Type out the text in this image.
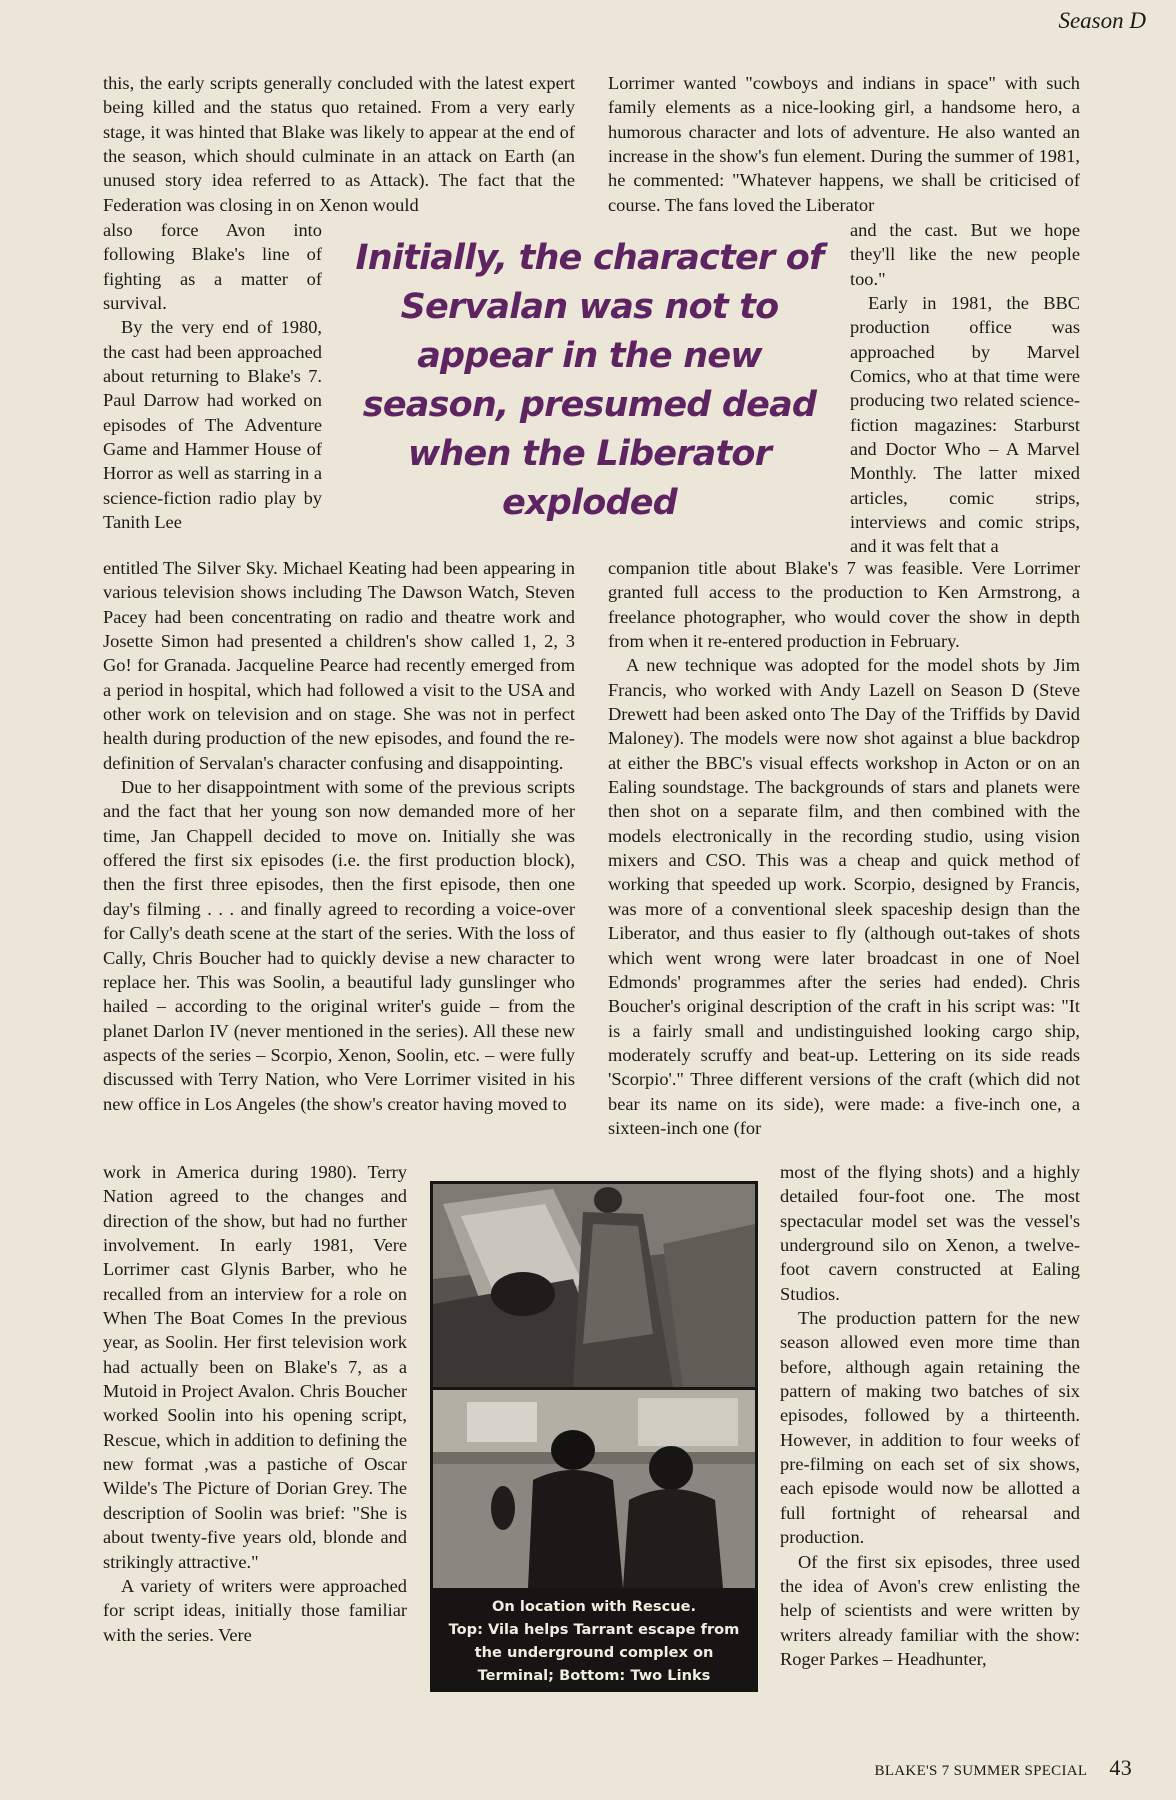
Season D

this, the early scripts generally concluded with the latest expert being killed and the status quo retained. From a very early stage, it was hinted that Blake was likely to appear at the end of the season, which should culminate in an attack on Earth (an unused story idea referred to as Attack). The fact that the Federation was closing in on Xenon would

also force Avon into following Blake's line of fighting as a matter of survival.

By the very end of 1980, the cast had been approached about returning to Blake's 7. Paul Darrow had worked on episodes of The Adventure Game and Hammer House of Horror as well as starring in a science-fiction radio play by Tanith Lee

entitled The Silver Sky. Michael Keating had been appearing in various television shows including The Dawson Watch, Steven Pacey had been concentrating on radio and theatre work and Josette Simon had presented a children's show called 1, 2, 3 Go! for Granada. Jacqueline Pearce had recently emerged from a period in hospital, which had followed a visit to the USA and other work on television and on stage. She was not in perfect health during production of the new episodes, and found the re-definition of Servalan's character confusing and disappointing.

Due to her disappointment with some of the previous scripts and the fact that her young son now demanded more of her time, Jan Chappell decided to move on. Initially she was offered the first six episodes (i.e. the first production block), then the first three episodes, then the first episode, then one day's filming . . . and finally agreed to recording a voice-over for Cally's death scene at the start of the series. With the loss of Cally, Chris Boucher had to quickly devise a new character to replace her. This was Soolin, a beautiful lady gunslinger who hailed – according to the original writer's guide – from the planet Darlon IV (never mentioned in the series). All these new aspects of the series – Scorpio, Xenon, Soolin, etc. – were fully discussed with Terry Nation, who Vere Lorrimer visited in his new office in Los Angeles (the show's creator having moved to

work in America during 1980). Terry Nation agreed to the changes and direction of the show, but had no further involvement. In early 1981, Vere Lorrimer cast Glynis Barber, who he recalled from an interview for a role on When The Boat Comes In the previous year, as Soolin. Her first television work had actually been on Blake's 7, as a Mutoid in Project Avalon. Chris Boucher worked Soolin into his opening script, Rescue, which in addition to defining the new format ,was a pastiche of Oscar Wilde's The Picture of Dorian Grey. The description of Soolin was brief: "She is about twenty-five years old, blonde and strikingly attractive."

A variety of writers were approached for script ideas, initially those familiar with the series. Vere

Lorrimer wanted "cowboys and indians in space" with such family elements as a nice-looking girl, a handsome hero, a humorous character and lots of adventure. He also wanted an increase in the show's fun element. During the summer of 1981, he commented: "Whatever happens, we shall be criticised of course. The fans loved the Liberator

and the cast. But we hope they'll like the new people too."

Early in 1981, the BBC production office was approached by Marvel Comics, who at that time were producing two related science-fiction magazines: Starburst and Doctor Who – A Marvel Monthly. The latter mixed articles, comic strips, interviews and comic strips, and it was felt that a

companion title about Blake's 7 was feasible. Vere Lorrimer granted full access to the production to Ken Armstrong, a freelance photographer, who would cover the show in depth from when it re-entered production in February.

A new technique was adopted for the model shots by Jim Francis, who worked with Andy Lazell on Season D (Steve Drewett had been asked onto The Day of the Triffids by David Maloney). The models were now shot against a blue backdrop at either the BBC's visual effects workshop in Acton or on an Ealing soundstage. The backgrounds of stars and planets were then shot on a separate film, and then combined with the models electronically in the recording studio, using vision mixers and CSO. This was a cheap and quick method of working that speeded up work. Scorpio, designed by Francis, was more of a conventional sleek spaceship design than the Liberator, and thus easier to fly (although out-takes of shots which went wrong were later broadcast in one of Noel Edmonds' programmes after the series had ended). Chris Boucher's original description of the craft in his script was: "It is a fairly small and undistinguished looking cargo ship, moderately scruffy and beat-up. Lettering on its side reads 'Scorpio'." Three different versions of the craft (which did not bear its name on its side), were made: a five-inch one, a sixteen-inch one (for

most of the flying shots) and a highly detailed four-foot one. The most spectacular model set was the vessel's underground silo on Xenon, a twelve-foot cavern constructed at Ealing Studios.

The production pattern for the new season allowed even more time than before, although again retaining the pattern of making two batches of six episodes, followed by a thirteenth. However, in addition to four weeks of pre-filming on each set of six shows, each episode would now be allotted a full fortnight of rehearsal and production.

Of the first six episodes, three used the idea of Avon's crew enlisting the help of scientists and were written by writers already familiar with the show: Roger Parkes – Headhunter,

Initially, the character of Servalan was not to appear in the new season, presumed dead when the Liberator exploded
On location with Rescue.
Top: Vila helps Tarrant escape from the underground complex on Terminal; Bottom: Two Links
BLAKE'S 7 SUMMER SPECIAL 43
